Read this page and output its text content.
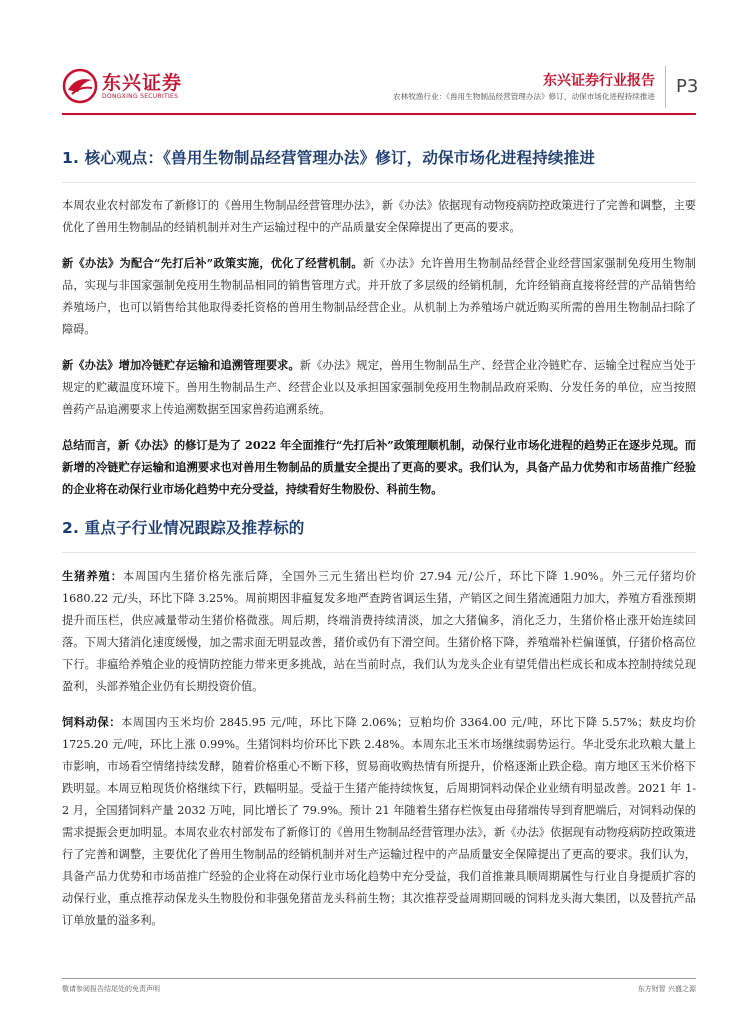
东兴证券
DONGXING SECURITIES
东兴证券行业报告
农林牧渔行业：《兽用生物制品经营管理办法》修订，动保市场化进程持续推进 P3
1. 核心观点：《兽用生物制品经营管理办法》修订，动保市场化进程持续推进

本周农业农村部发布了新修订的《兽用生物制品经营管理办法》，新《办法》依据现有动物疫病防控政策进行了完善和调整，主要优化了兽用生物制品的经销机制并对生产运输过程中的产品质量安全保障提出了更高的要求。

新《办法》为配合“先打后补”政策实施，优化了经营机制。新《办法》允许兽用生物制品经营企业经营国家强制免疫用生物制品，实现与非国家强制免疫用生物制品相同的销售管理方式。并开放了多层级的经销机制，允许经销商直接将经营的产品销售给养殖场户，也可以销售给其他取得委托资格的兽用生物制品经营企业。从机制上为养殖场户就近购买所需的兽用生物制品扫除了障碍。

新《办法》增加冷链贮存运输和追溯管理要求。新《办法》规定，兽用生物制品生产、经营企业冷链贮存、运输全过程应当处于规定的贮藏温度环境下。兽用生物制品生产、经营企业以及承担国家强制免疫用生物制品政府采购、分发任务的单位，应当按照兽药产品追溯要求上传追溯数据至国家兽药追溯系统。

总结而言，新《办法》的修订是为了 2022 年全面推行“先打后补”政策理顺机制，动保行业市场化进程的趋势正在逐步兑现。而新增的冷链贮存运输和追溯要求也对兽用生物制品的质量安全提出了更高的要求。我们认为，具备产品力优势和市场苗推广经验的企业将在动保行业市场化趋势中充分受益，持续看好生物股份、科前生物。

2. 重点子行业情况跟踪及推荐标的

生猪养殖：本周国内生猪价格先涨后降，全国外三元生猪出栏均价 27.94 元/公斤，环比下降 1.90%。外三元仔猪均价 1680.22 元/头，环比下降 3.25%。周前期因非瘟复发多地严查跨省调运生猪，产销区之间生猪流通阻力加大，养殖方看涨预期提升而压栏，供应减量带动生猪价格微涨。周后期，终端消费持续清淡，加之大猪偏多，消化乏力，生猪价格止涨开始连续回落。下周大猪消化速度缓慢，加之需求面无明显改善，猪价或仍有下滑空间。生猪价格下降，养殖端补栏偏谨慎，仔猪价格高位下行。非瘟给养殖企业的疫情防控能力带来更多挑战，站在当前时点，我们认为龙头企业有望凭借出栏成长和成本控制持续兑现盈利，头部养殖企业仍有长期投资价值。

饲料动保：本周国内玉米均价 2845.95 元/吨，环比下降 2.06%；豆粕均价 3364.00 元/吨，环比下降 5.57%；麸皮均价 1725.20 元/吨，环比上涨 0.99%。生猪饲料均价环比下跌 2.48%。本周东北玉米市场继续弱势运行。华北受东北玖粮大量上市影响，市场看空情绪持续发酵，随着价格重心不断下移，贸易商收购热情有所提升，价格逐渐止跌企稳。南方地区玉米价格下跌明显。本周豆粕现货价格继续下行，跌幅明显。受益于生猪产能持续恢复，后周期饲料动保企业业绩有明显改善。2021 年 1-2 月，全国猪饲料产量 2032 万吨，同比增长了 79.9%。预计 21 年随着生猪存栏恢复由母猪端传导到育肥端后，对饲料动保的需求提振会更加明显。本周农业农村部发布了新修订的《兽用生物制品经营管理办法》，新《办法》依据现有动物疫病防控政策进行了完善和调整，主要优化了兽用生物制品的经销机制并对生产运输过程中的产品质量安全保障提出了更高的要求。我们认为，具备产品力优势和市场苗推广经验的企业将在动保行业市场化趋势中充分受益，我们首推兼具顺周期属性与行业自身提质扩容的动保行业，重点推荐动保龙头生物股份和非强免猪苗龙头科前生物；其次推荐受益周期回暖的饲料龙头海大集团，以及替抗产品订单放量的溢多利。

敬请参阅报告结尾处的免责声明	东方财智 兴盛之源
